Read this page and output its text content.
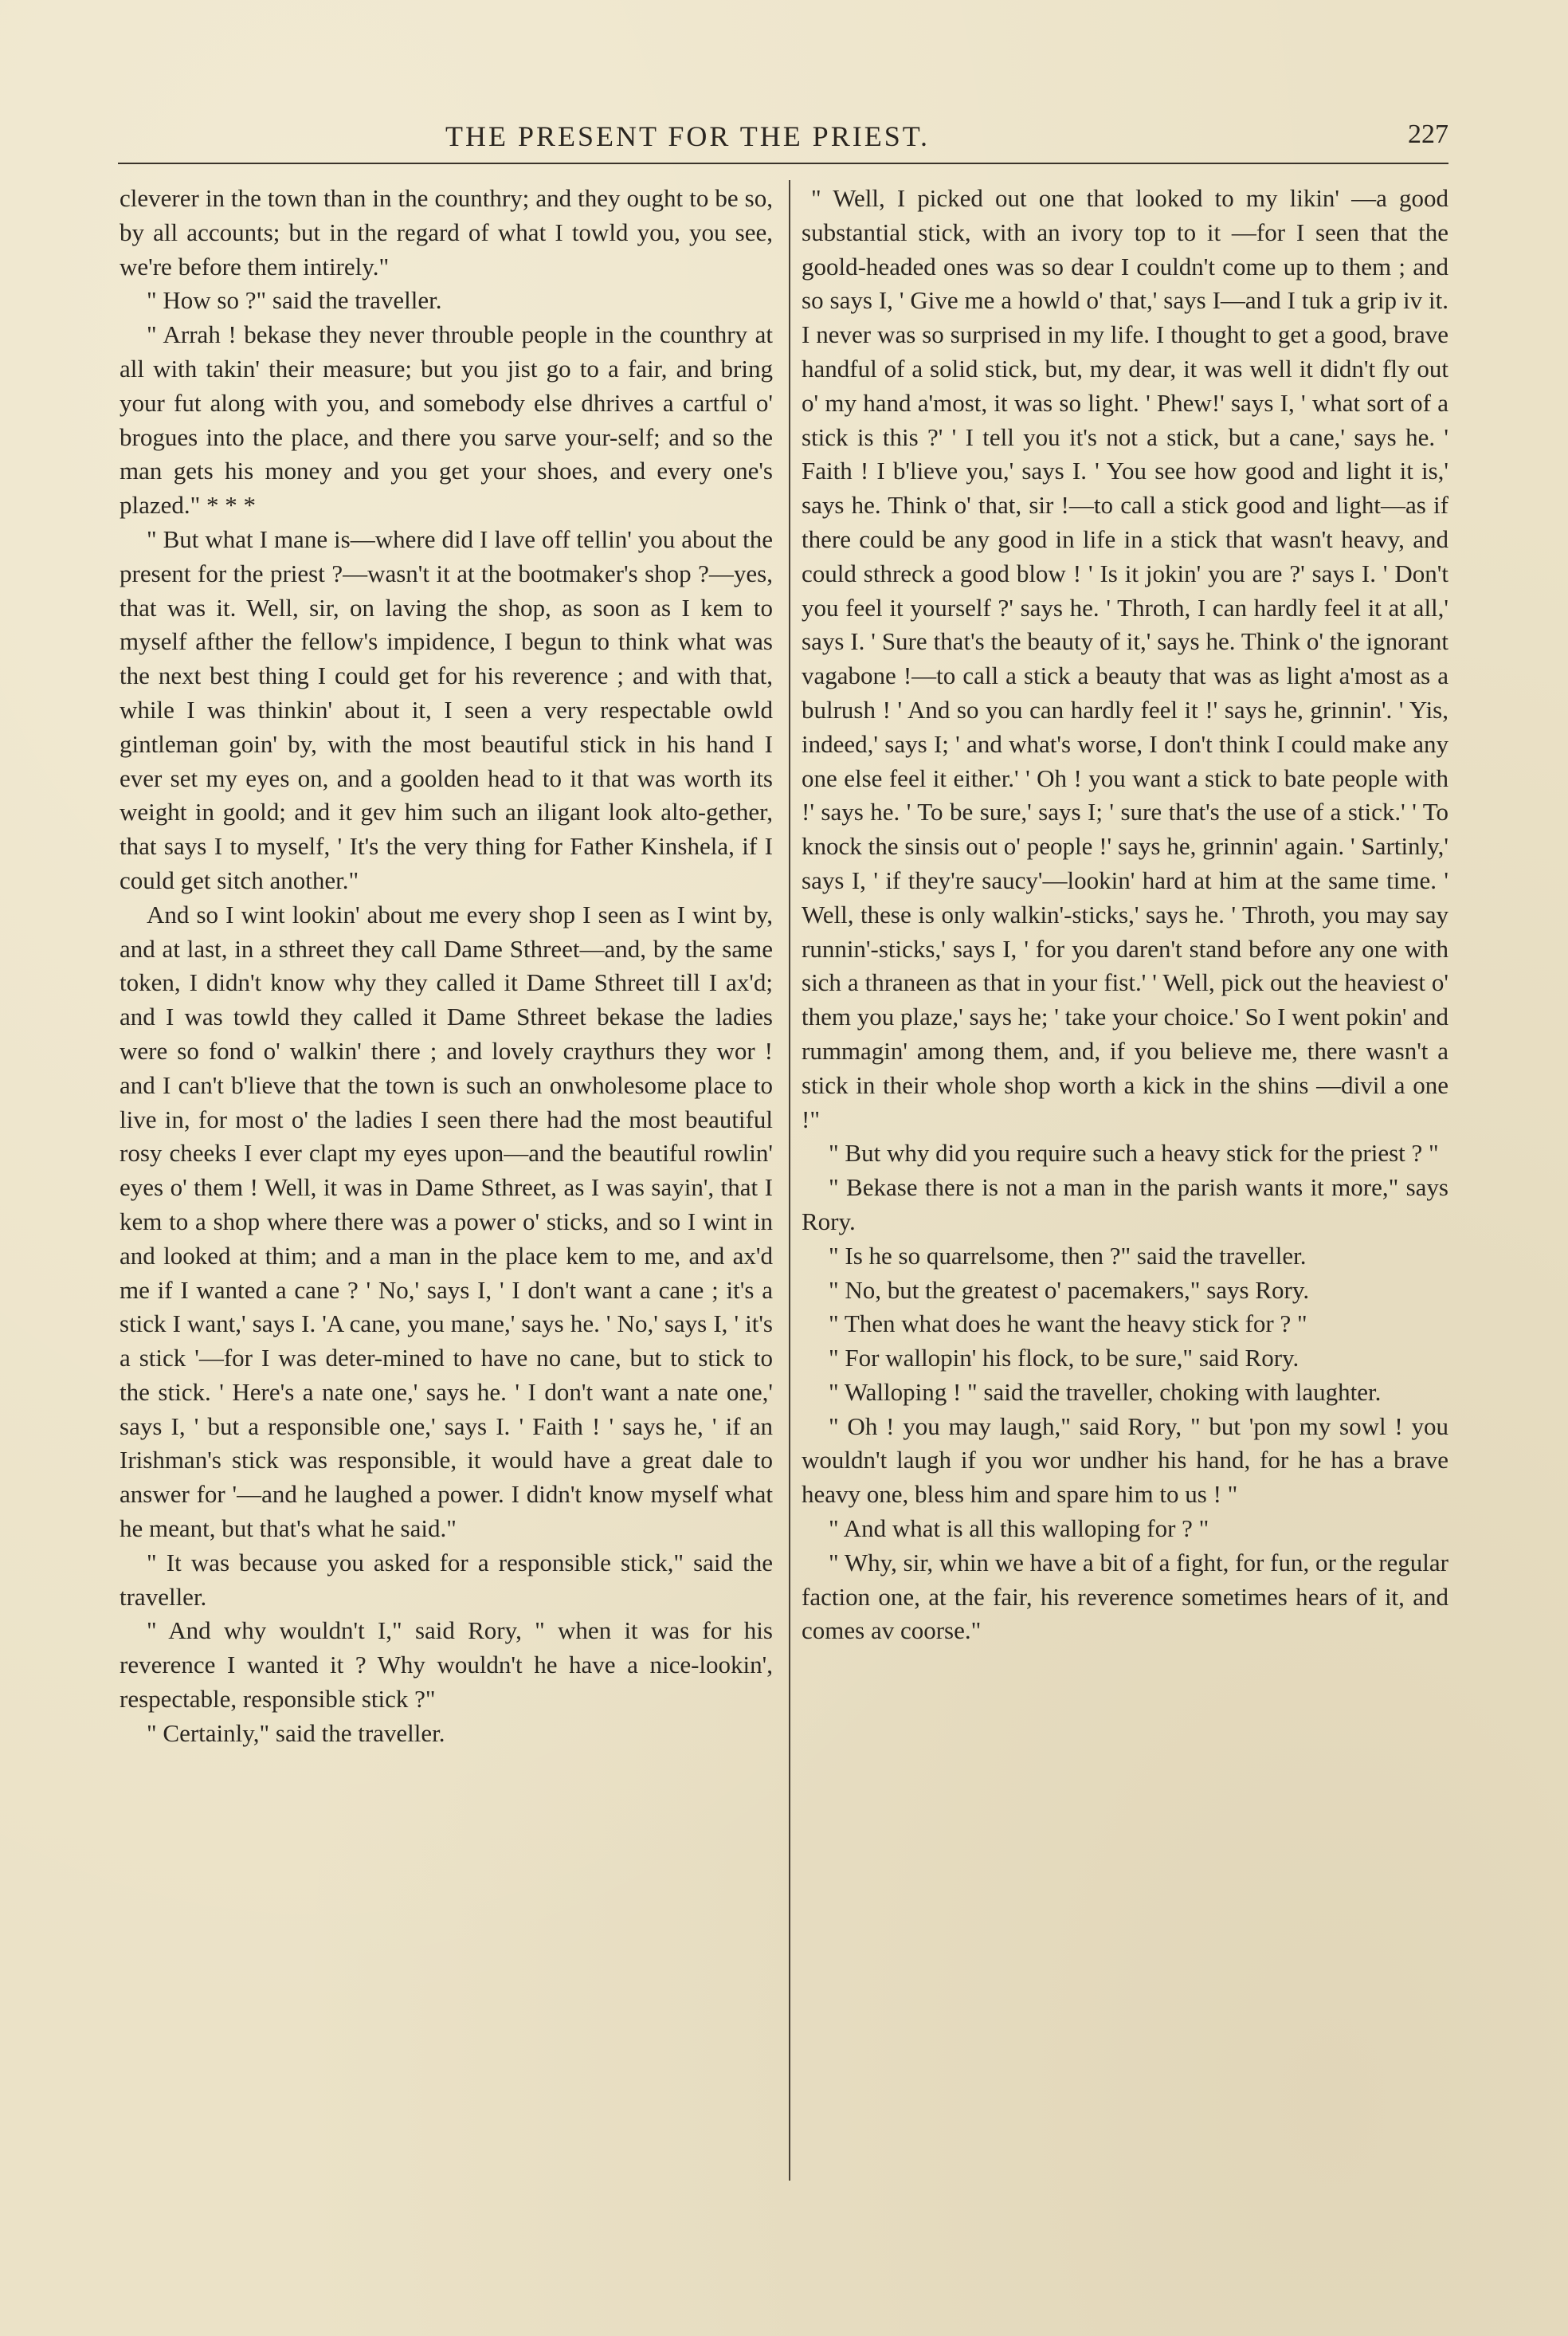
THE PRESENT FOR THE PRIEST.	227

cleverer in the town than in the counthry; and they ought to be so, by all accounts; but in the regard of what I towld you, you see, we're before them intirely."

" How so ?" said the traveller.

" Arrah ! bekase they never throuble people in the counthry at all with takin' their measure; but you jist go to a fair, and bring your fut along with you, and somebody else dhrives a cartful o' brogues into the place, and there you sarve your-self; and so the man gets his money and you get your shoes, and every one's plazed." * * *

" But what I mane is—where did I lave off tellin' you about the present for the priest ?—wasn't it at the bootmaker's shop ?—yes, that was it. Well, sir, on laving the shop, as soon as I kem to myself afther the fellow's impidence, I begun to think what was the next best thing I could get for his reverence ; and with that, while I was thinkin' about it, I seen a very respectable owld gintleman goin' by, with the most beautiful stick in his hand I ever set my eyes on, and a goolden head to it that was worth its weight in goold; and it gev him such an iligant look alto-gether, that says I to myself, ' It's the very thing for Father Kinshela, if I could get sitch another."

And so I wint lookin' about me every shop I seen as I wint by, and at last, in a sthreet they call Dame Sthreet—and, by the same token, I didn't know why they called it Dame Sthreet till I ax'd; and I was towld they called it Dame Sthreet bekase the ladies were so fond o' walkin' there ; and lovely craythurs they wor ! and I can't b'lieve that the town is such an onwholesome place to live in, for most o' the ladies I seen there had the most beautiful rosy cheeks I ever clapt my eyes upon—and the beautiful rowlin' eyes o' them ! Well, it was in Dame Sthreet, as I was sayin', that I kem to a shop where there was a power o' sticks, and so I wint in and looked at thim; and a man in the place kem to me, and ax'd me if I wanted a cane ? ' No,' says I, ' I don't want a cane ; it's a stick I want,' says I. 'A cane, you mane,' says he. ' No,' says I, ' it's a stick '—for I was deter-mined to have no cane, but to stick to the stick. ' Here's a nate one,' says he. ' I don't want a nate one,' says I, ' but a responsible one,' says I. ' Faith ! ' says he, ' if an Irishman's stick was responsible, it would have a great dale to answer for '—and he laughed a power. I didn't know myself what he meant, but that's what he said."

" It was because you asked for a responsible stick," said the traveller.

" And why wouldn't I," said Rory, " when it was for his reverence I wanted it ? Why wouldn't he have a nice-lookin', respectable, responsible stick ?"

" Certainly," said the traveller.

" Well, I picked out one that looked to my likin' —a good substantial stick, with an ivory top to it —for I seen that the goold-headed ones was so dear I couldn't come up to them ; and so says I, ' Give me a howld o' that,' says I—and I tuk a grip iv it. I never was so surprised in my life. I thought to get a good, brave handful of a solid stick, but, my dear, it was well it didn't fly out o' my hand a'most, it was so light. ' Phew!' says I, ' what sort of a stick is this ?' ' I tell you it's not a stick, but a cane,' says he. ' Faith ! I b'lieve you,' says I. ' You see how good and light it is,' says he. Think o' that, sir !—to call a stick good and light—as if there could be any good in life in a stick that wasn't heavy, and could sthreck a good blow ! ' Is it jokin' you are ?' says I. ' Don't you feel it yourself ?' says he. ' Throth, I can hardly feel it at all,' says I. ' Sure that's the beauty of it,' says he. Think o' the ignorant vagabone !—to call a stick a beauty that was as light a'most as a bulrush ! ' And so you can hardly feel it !' says he, grinnin'. ' Yis, indeed,' says I; ' and what's worse, I don't think I could make any one else feel it either.' ' Oh ! you want a stick to bate people with !' says he. ' To be sure,' says I; ' sure that's the use of a stick.' ' To knock the sinsis out o' people !' says he, grinnin' again. ' Sartinly,' says I, ' if they're saucy'—lookin' hard at him at the same time. ' Well, these is only walkin'-sticks,' says he. ' Throth, you may say runnin'-sticks,' says I, ' for you daren't stand before any one with sich a thraneen as that in your fist.' ' Well, pick out the heaviest o' them you plaze,' says he; ' take your choice.' So I went pokin' and rummagin' among them, and, if you believe me, there wasn't a stick in their whole shop worth a kick in the shins —divil a one !"

" But why did you require such a heavy stick for the priest ? "

" Bekase there is not a man in the parish wants it more," says Rory.

" Is he so quarrelsome, then ?" said the traveller.

" No, but the greatest o' pacemakers," says Rory.

" Then what does he want the heavy stick for ? "

" For wallopin' his flock, to be sure," said Rory.

" Walloping ! " said the traveller, choking with laughter.

" Oh ! you may laugh," said Rory, " but 'pon my sowl ! you wouldn't laugh if you wor undher his hand, for he has a brave heavy one, bless him and spare him to us ! "

" And what is all this walloping for ? "

" Why, sir, whin we have a bit of a fight, for fun, or the regular faction one, at the fair, his reverence sometimes hears of it, and comes av coorse."
